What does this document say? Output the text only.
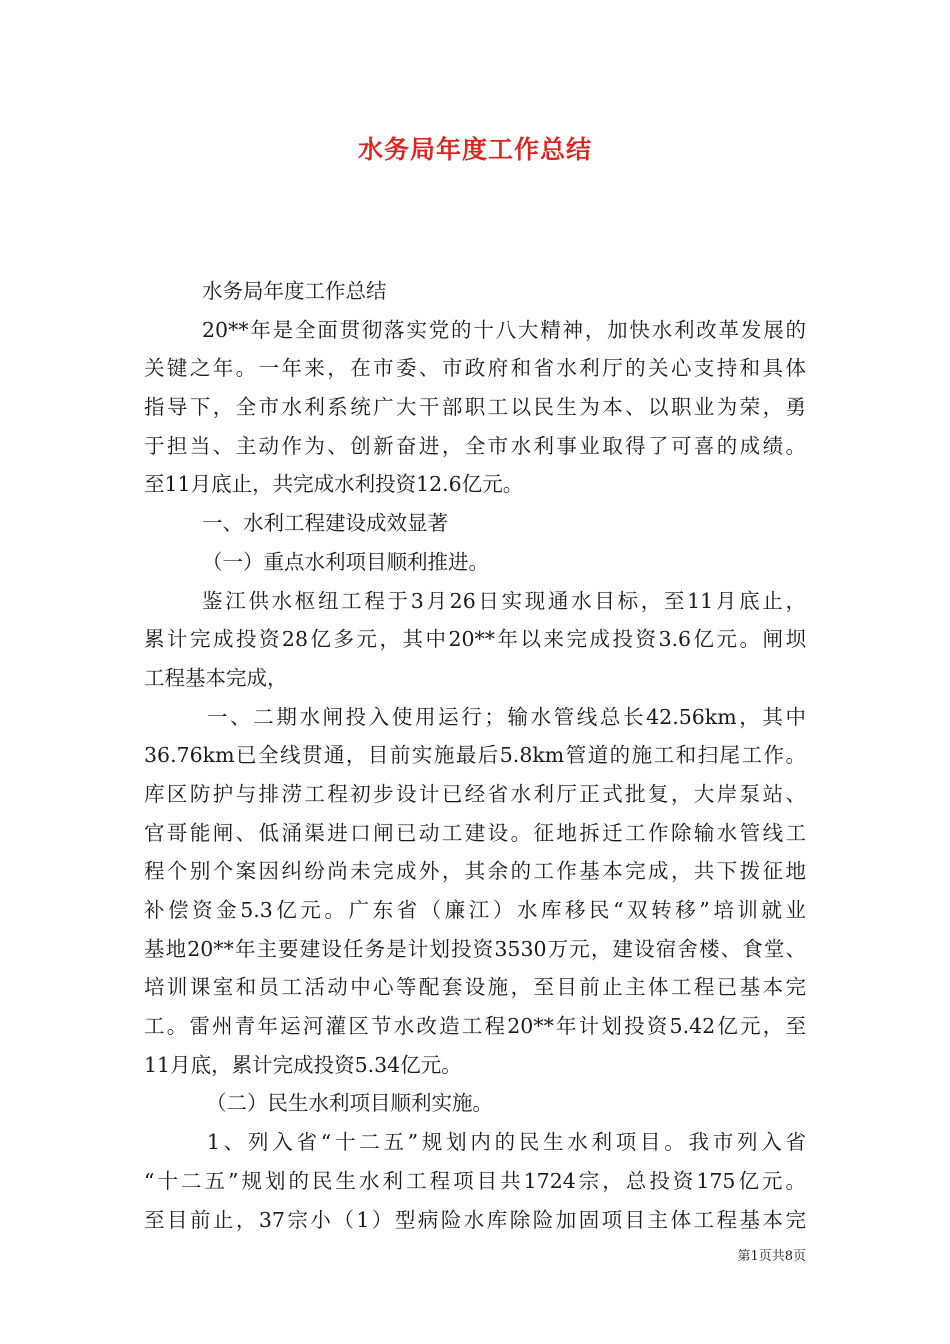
水务局年度工作总结
水务局年度工作总结
20**年是全面贯彻落实党的十八大精神，加快水利改革发展的
关键之年。一年来，在市委、市政府和省水利厅的关心支持和具体
指导下，全市水利系统广大干部职工以民生为本、以职业为荣，勇
于担当、主动作为、创新奋进，全市水利事业取得了可喜的成绩。
至11月底止，共完成水利投资12.6亿元。
一、水利工程建设成效显著
（一）重点水利项目顺利推进。
鉴江供水枢纽工程于3月26日实现通水目标，至11月底止，
累计完成投资28亿多元，其中20**年以来完成投资3.6亿元。闸坝
工程基本完成，
一、二期水闸投入使用运行；输水管线总长42.56km，其中
36.76km已全线贯通，目前实施最后5.8km管道的施工和扫尾工作。
库区防护与排涝工程初步设计已经省水利厅正式批复，大岸泵站、
官哥能闸、低涌渠进口闸已动工建设。征地拆迁工作除输水管线工
程个别个案因纠纷尚未完成外，其余的工作基本完成，共下拨征地
补偿资金5.3亿元。广东省（廉江）水库移民“双转移”培训就业
基地20**年主要建设任务是计划投资3530万元，建设宿舍楼、食堂、
培训课室和员工活动中心等配套设施，至目前止主体工程已基本完
工。雷州青年运河灌区节水改造工程20**年计划投资5.42亿元，至
11月底，累计完成投资5.34亿元。
（二）民生水利项目顺利实施。
1、列入省“十二五”规划内的民生水利项目。我市列入省
“十二五”规划的民生水利工程项目共1724宗，总投资175亿元。
至目前止，37宗小（1）型病险水库除险加固项目主体工程基本完
第1页共8页
